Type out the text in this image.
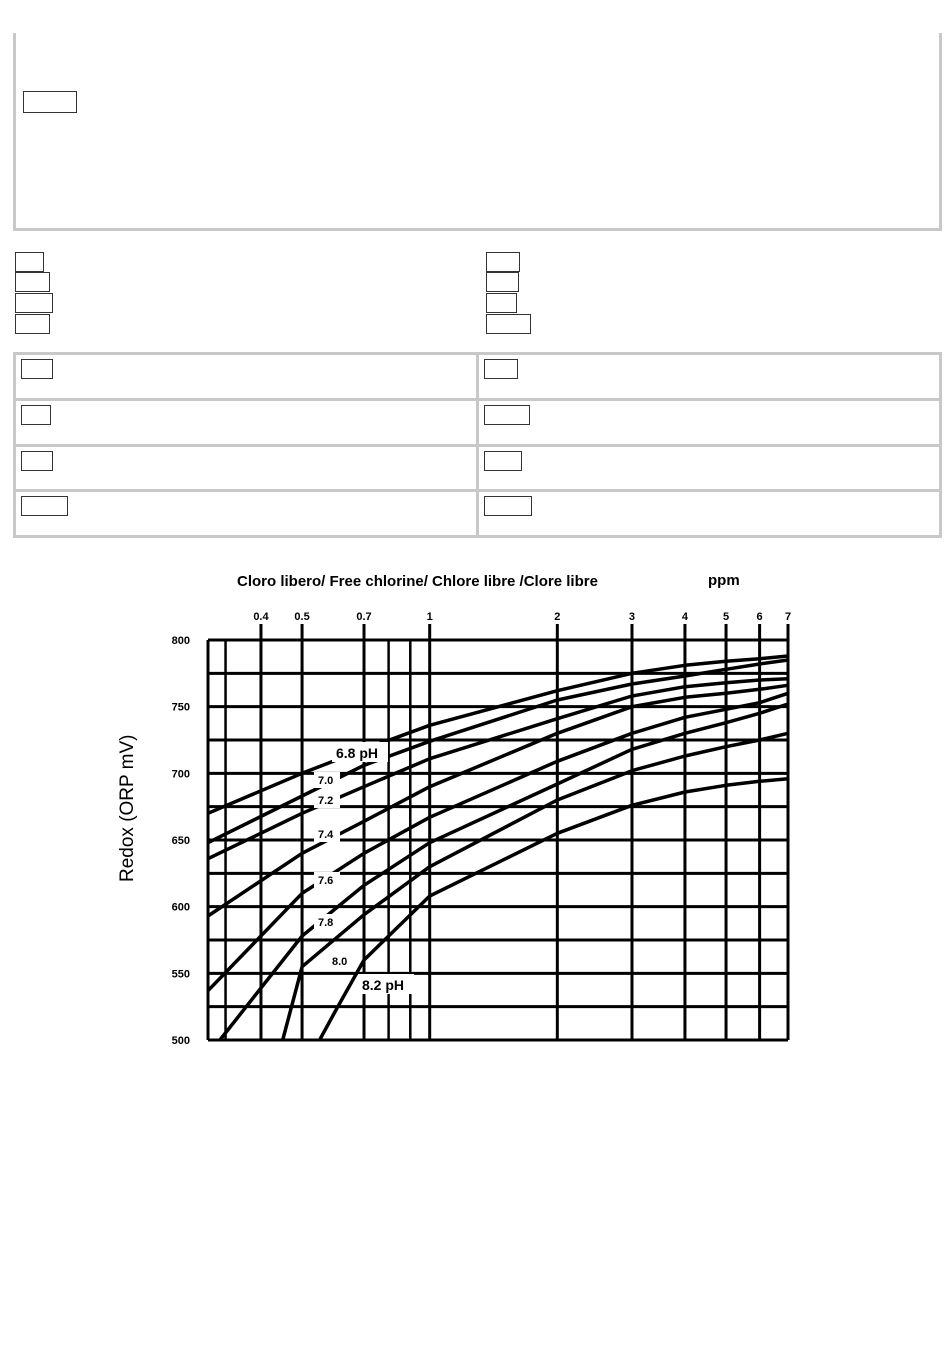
Cloro libero/ Free chlorine/ Chlore libre /Clore libre	ppm
Redox (ORP mV)
0.4 0.5	0.7	1	2	3	4	5 6 7
500
550
600
650
700
750
800
6.8 pH
7.0
7.2
7.4
7.6
7.8
8.0
8.2 pH
